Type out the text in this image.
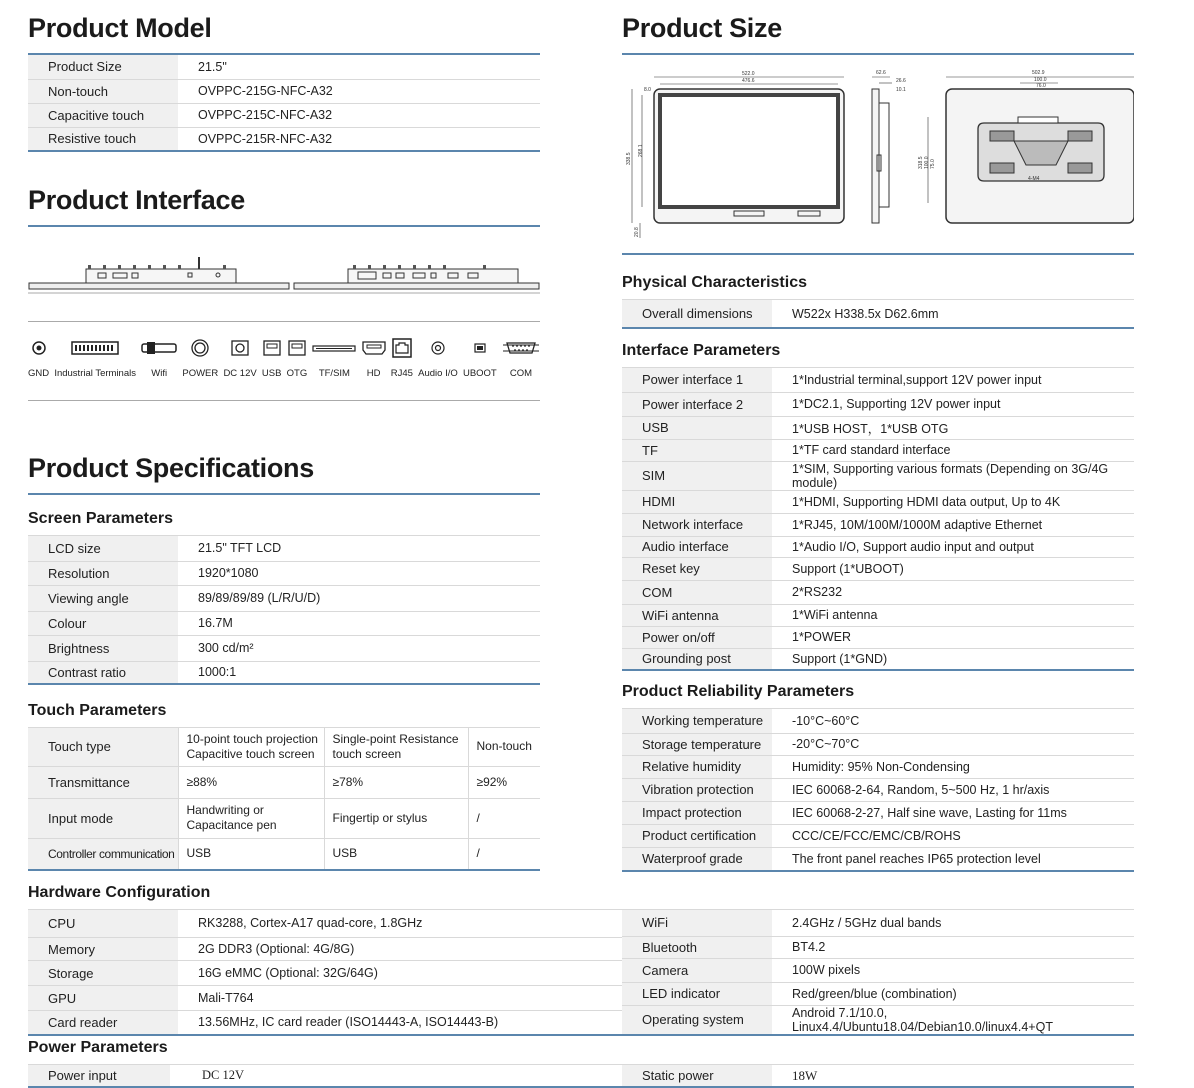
Product Model
Product Size	21.5"
Non-touch	OVPPC-215G-NFC-A32
Capacitive touch	OVPPC-215C-NFC-A32
Resistive touch	OVPPC-215R-NFC-A32
Product Interface
GND Industrial Terminals Wifi POWER DC 12V USB OTG TF/SIM HD RJ45 Audio I/O UBOOT COM
Product Specifications
Screen Parameters
LCD size	21.5" TFT LCD
Resolution	1920*1080
Viewing angle	89/89/89/89 (L/R/U/D)
Colour	16.7M
Brightness	300 cd/m²
Contrast ratio	1000:1
Touch Parameters
Touch type	10-point touch projection Capacitive touch screen	Single-point Resistance touch screen	Non-touch
Transmittance	≥88%	≥78%	≥92%
Input mode	Handwriting or Capacitance pen	Fingertip or stylus	/
Controller communication	USB	USB	/
Product Size
522.0
476.6
8.0
338.5
268.1
20.8
62.6
26.6
10.1
502.9
100.0
76.0
318.5 100.0 75.0
4-M4
Physical Characteristics
Overall dimensions	W522x H338.5x D62.6mm
Interface Parameters
Power interface 1	1*Industrial terminal,support 12V power input
Power interface 2	1*DC2.1, Supporting 12V power input
USB	1*USB HOST，1*USB OTG
TF	1*TF card standard interface
SIM	1*SIM, Supporting various formats (Depending on 3G/4G module)
HDMI	1*HDMI, Supporting HDMI data output, Up to 4K
Network interface	1*RJ45, 10M/100M/1000M adaptive Ethernet
Audio interface	1*Audio I/O, Support audio input and output
Reset key	Support (1*UBOOT)
COM	2*RS232
WiFi antenna	1*WiFi antenna
Power on/off	1*POWER
Grounding post	Support (1*GND)
Product Reliability Parameters
Working temperature	-10°C~60°C
Storage temperature	-20°C~70°C
Relative humidity	Humidity: 95% Non-Condensing
Vibration protection	IEC 60068-2-64, Random, 5~500 Hz, 1 hr/axis
Impact protection	IEC 60068-2-27, Half sine wave, Lasting for 11ms
Product certification	CCC/CE/FCC/EMC/CB/ROHS
Waterproof grade	The front panel reaches IP65 protection level
Hardware Configuration
CPU	RK3288, Cortex-A17 quad-core, 1.8GHz
Memory	2G DDR3 (Optional: 4G/8G)
Storage	16G eMMC (Optional: 32G/64G)
GPU	Mali-T764
Card reader	13.56MHz, IC card reader (ISO14443-A, ISO14443-B)
WiFi	2.4GHz / 5GHz dual bands
Bluetooth	BT4.2
Camera	100W pixels
LED indicator	Red/green/blue (combination)
Operating system	Android 7.1/10.0, Linux4.4/Ubuntu18.04/Debian10.0/linux4.4+QT
Power Parameters
Power input	DC 12V	Static power	18W
